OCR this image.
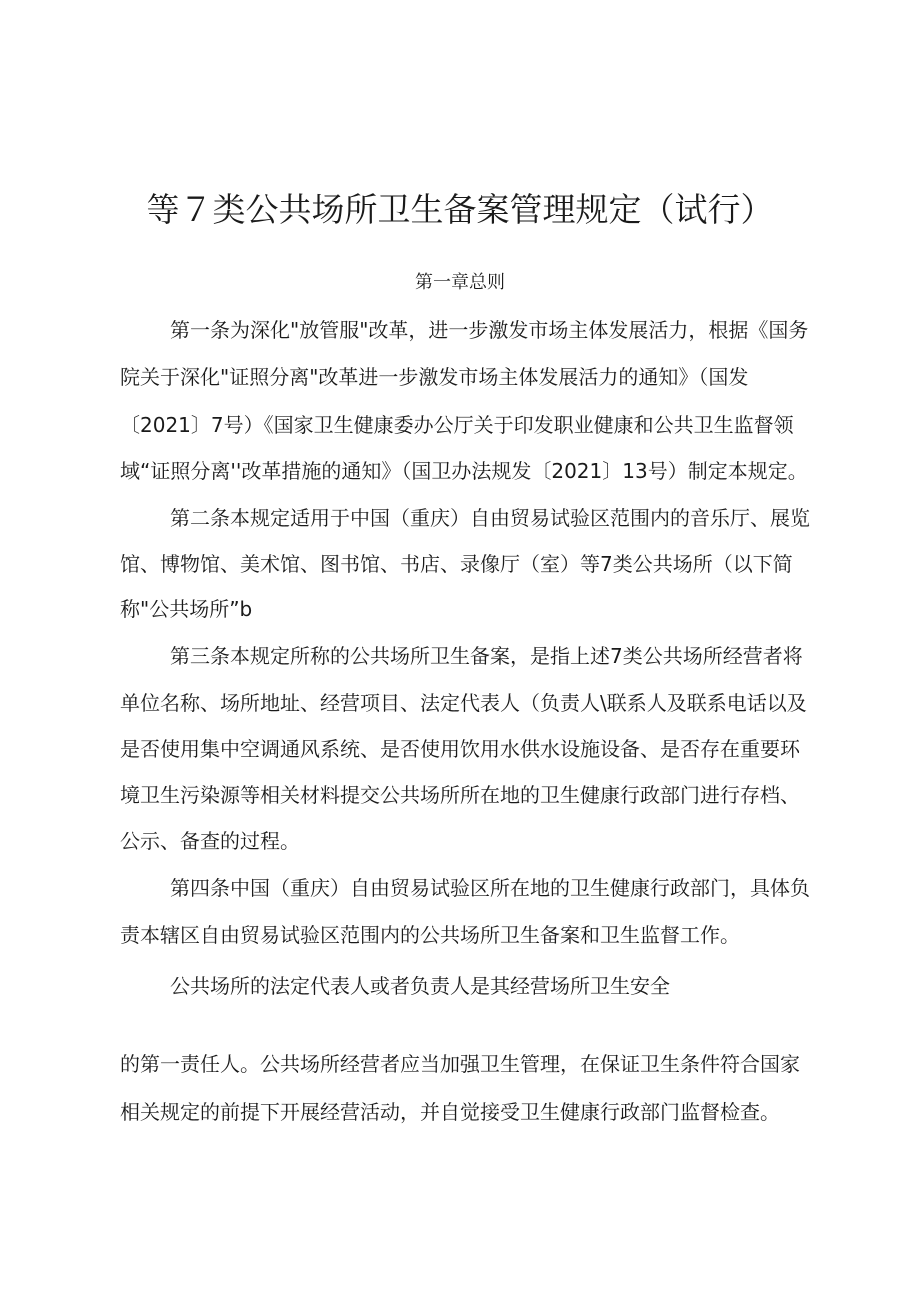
等７类公共场所卫生备案管理规定（试行）
第一章总则
第一条为深化"放管服"改革，进一步激发市场主体发展活力，根据《国务
院关于深化"证照分离"改革进一步激发市场主体发展活力的通知》（国发
〔2021〕7号）《国家卫生健康委办公厅关于印发职业健康和公共卫生监督领
域“证照分离''改革措施的通知》（国卫办法规发〔2021〕13号）制定本规定。
第二条本规定适用于中国（重庆）自由贸易试验区范围内的音乐厅、展览
馆、博物馆、美术馆、图书馆、书店、录像厅（室）等7类公共场所（以下简
称"公共场所”b
第三条本规定所称的公共场所卫生备案，是指上述7类公共场所经营者将
单位名称、场所地址、经营项目、法定代表人（负责人\联系人及联系电话以及
是否使用集中空调通风系统、是否使用饮用水供水设施设备、是否存在重要环
境卫生污染源等相关材料提交公共场所所在地的卫生健康行政部门进行存档、
公示、备查的过程。
第四条中国（重庆）自由贸易试验区所在地的卫生健康行政部门，具体负
责本辖区自由贸易试验区范围内的公共场所卫生备案和卫生监督工作。
公共场所的法定代表人或者负责人是其经营场所卫生安全
的第一责任人。公共场所经营者应当加强卫生管理，在保证卫生条件符合国家
相关规定的前提下开展经营活动，并自觉接受卫生健康行政部门监督检查。
